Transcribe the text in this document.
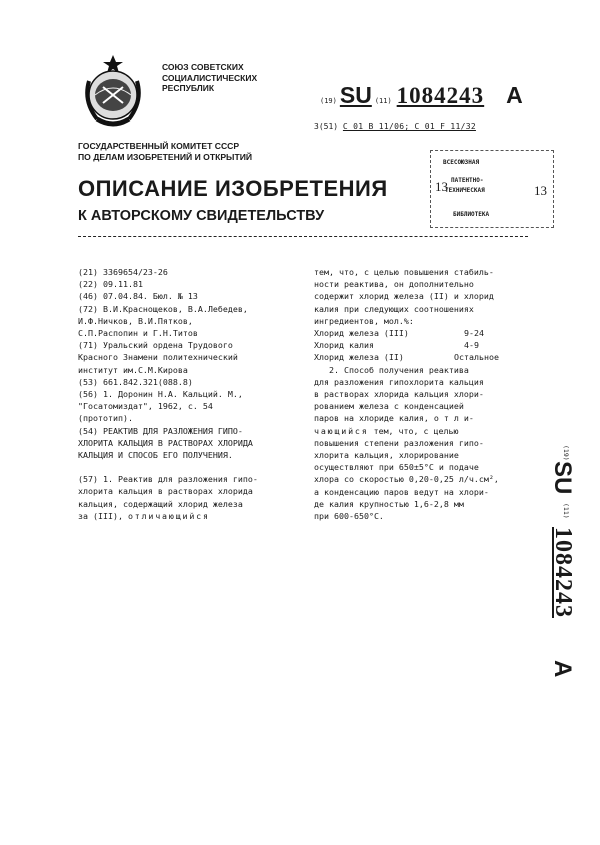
СОЮЗ СОВЕТСКИХ
СОЦИАЛИСТИЧЕСКИХ
РЕСПУБЛИК
(19) SU (11) 1084243 A
3(51) С 01 В 11/06; С 01 F 11/32
ГОСУДАРСТВЕННЫЙ КОМИТЕТ СССР
ПО ДЕЛАМ ИЗОБРЕТЕНИЙ И ОТКРЫТИЙ
ВСЕСОЮЗНАЯ
ПАТЕНТНО-
ТЕХНИЧЕСКАЯ
БИБЛИОТЕКА
13	13
ОПИСАНИЕ ИЗОБРЕТЕНИЯ
К АВТОРСКОМУ СВИДЕТЕЛЬСТВУ

(21) 3369654/23-26

(22) 09.11.81

(46) 07.04.84. Бюл. № 13

(72) В.И.Краснощеков, В.А.Лебедев,

И.Ф.Ничков, В.И.Пятков,

С.П.Распопин и Г.Н.Титов

(71) Уральский ордена Трудового

Красного Знамени политехнический

институт им.С.М.Кирова

(53) 661.842.321(088.8)

(56) 1. Доронин Н.А. Кальций. М.,

"Госатомиздат", 1962, с. 54

(прототип).

(54) РЕАКТИВ ДЛЯ РАЗЛОЖЕНИЯ ГИПО-

ХЛОРИТА КАЛЬЦИЯ В РАСТВОРАХ ХЛОРИДА

КАЛЬЦИЯ И СПОСОБ ЕГО ПОЛУЧЕНИЯ.

(57) 1. Реактив для разложения гипо-

хлорита кальция в растворах хлорида

кальция, содержащий хлорид железа

за (III), отличающийся

тем, что, с целью повышения стабиль-

ности реактива, он дополнительно

содержит хлорид железа (II) и хлорид

калия при следующих соотношениях

ингредиентов, мол.%:

Хлорид железа (III)	9-24

Хлорид калия	4-9

Хлорид железа (II)	Остальное

2. Способ получения реактива

для разложения гипохлорита кальция

в растворах хлорида кальция хлори-

рованием железа с конденсацией

паров на хлориде калия, о т л и-

чающийся тем, что, с целью

повышения степени разложения гипо-

хлорита кальция, хлорирование

осуществляют при 650±5°С и подаче

хлора со скоростью 0,20-0,25 л/ч.см²,

а конденсацию паров ведут на хлори-

де калия крупностью 1,6-2,8 мм

при 600-650°С.

(19)
SU
(11)
1084243
A
